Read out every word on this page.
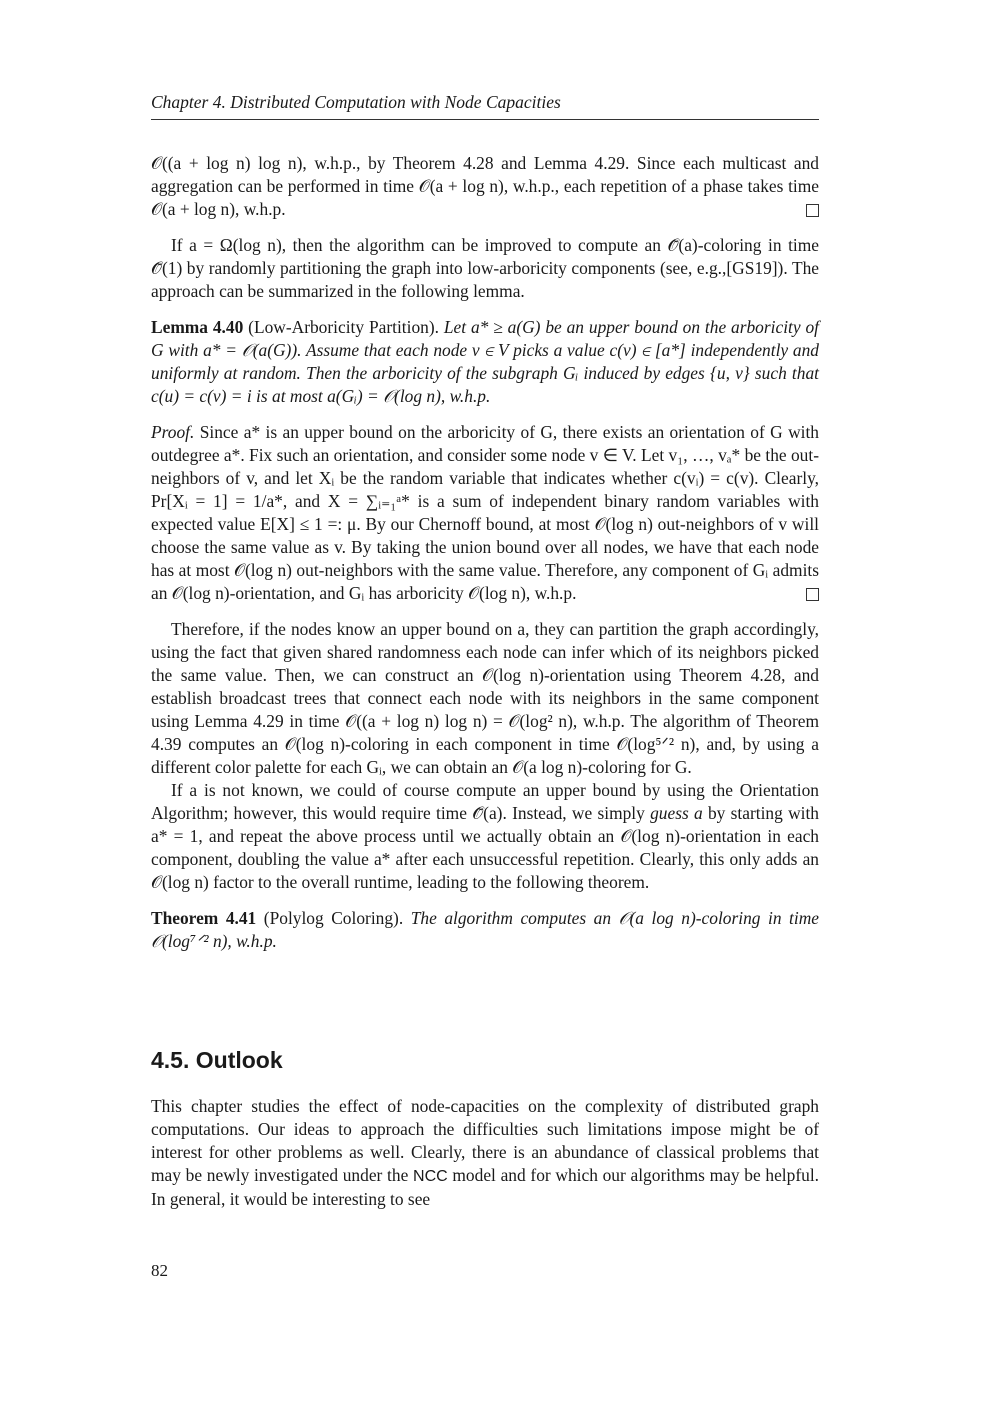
Chapter 4. Distributed Computation with Node Capacities

𝒪((a + log n) log n), w.h.p., by Theorem 4.28 and Lemma 4.29. Since each multicast and aggregation can be performed in time 𝒪(a + log n), w.h.p., each repetition of a phase takes time 𝒪(a + log n), w.h.p.

If a = Ω(log n), then the algorithm can be improved to compute an 𝒪̃(a)-coloring in time 𝒪̃(1) by randomly partitioning the graph into low-arboricity components (see, e.g.,[GS19]). The approach can be summarized in the following lemma.

Lemma 4.40 (Low-Arboricity Partition). Let a* ≥ a(G) be an upper bound on the arboricity of G with a* = 𝒪(a(G)). Assume that each node v ∈ V picks a value c(v) ∈ [a*] independently and uniformly at random. Then the arboricity of the subgraph Gᵢ induced by edges {u, v} such that c(u) = c(v) = i is at most a(Gᵢ) = 𝒪(log n), w.h.p.

Proof. Since a* is an upper bound on the arboricity of G, there exists an orientation of G with outdegree a*. Fix such an orientation, and consider some node v ∈ V. Let v₁, …, vₐ* be the out-neighbors of v, and let Xᵢ be the random variable that indicates whether c(vᵢ) = c(v). Clearly, Pr[Xᵢ = 1] = 1/a*, and X = ∑ᵢ₌₁ᵃ* is a sum of independent binary random variables with expected value E[X] ≤ 1 =: μ. By our Chernoff bound, at most 𝒪(log n) out-neighbors of v will choose the same value as v. By taking the union bound over all nodes, we have that each node has at most 𝒪(log n) out-neighbors with the same value. Therefore, any component of Gᵢ admits an 𝒪(log n)-orientation, and Gᵢ has arboricity 𝒪(log n), w.h.p.

Therefore, if the nodes know an upper bound on a, they can partition the graph accordingly, using the fact that given shared randomness each node can infer which of its neighbors picked the same value. Then, we can construct an 𝒪(log n)-orientation using Theorem 4.28, and establish broadcast trees that connect each node with its neighbors in the same component using Lemma 4.29 in time 𝒪((a + log n) log n) = 𝒪(log² n), w.h.p. The algorithm of Theorem 4.39 computes an 𝒪(log n)-coloring in each component in time 𝒪(log⁵ᐟ² n), and, by using a different color palette for each Gᵢ, we can obtain an 𝒪(a log n)-coloring for G.

If a is not known, we could of course compute an upper bound by using the Orientation Algorithm; however, this would require time 𝒪̃(a). Instead, we simply guess a by starting with a* = 1, and repeat the above process until we actually obtain an 𝒪(log n)-orientation in each component, doubling the value a* after each unsuccessful repetition. Clearly, this only adds an 𝒪(log n) factor to the overall runtime, leading to the following theorem.

Theorem 4.41 (Polylog Coloring). The algorithm computes an 𝒪(a log n)-coloring in time 𝒪(log⁷ᐟ² n), w.h.p.

4.5. Outlook

This chapter studies the effect of node-capacities on the complexity of distributed graph computations. Our ideas to approach the difficulties such limitations impose might be of interest for other problems as well. Clearly, there is an abundance of classical problems that may be newly investigated under the NCC model and for which our algorithms may be helpful. In general, it would be interesting to see

82
